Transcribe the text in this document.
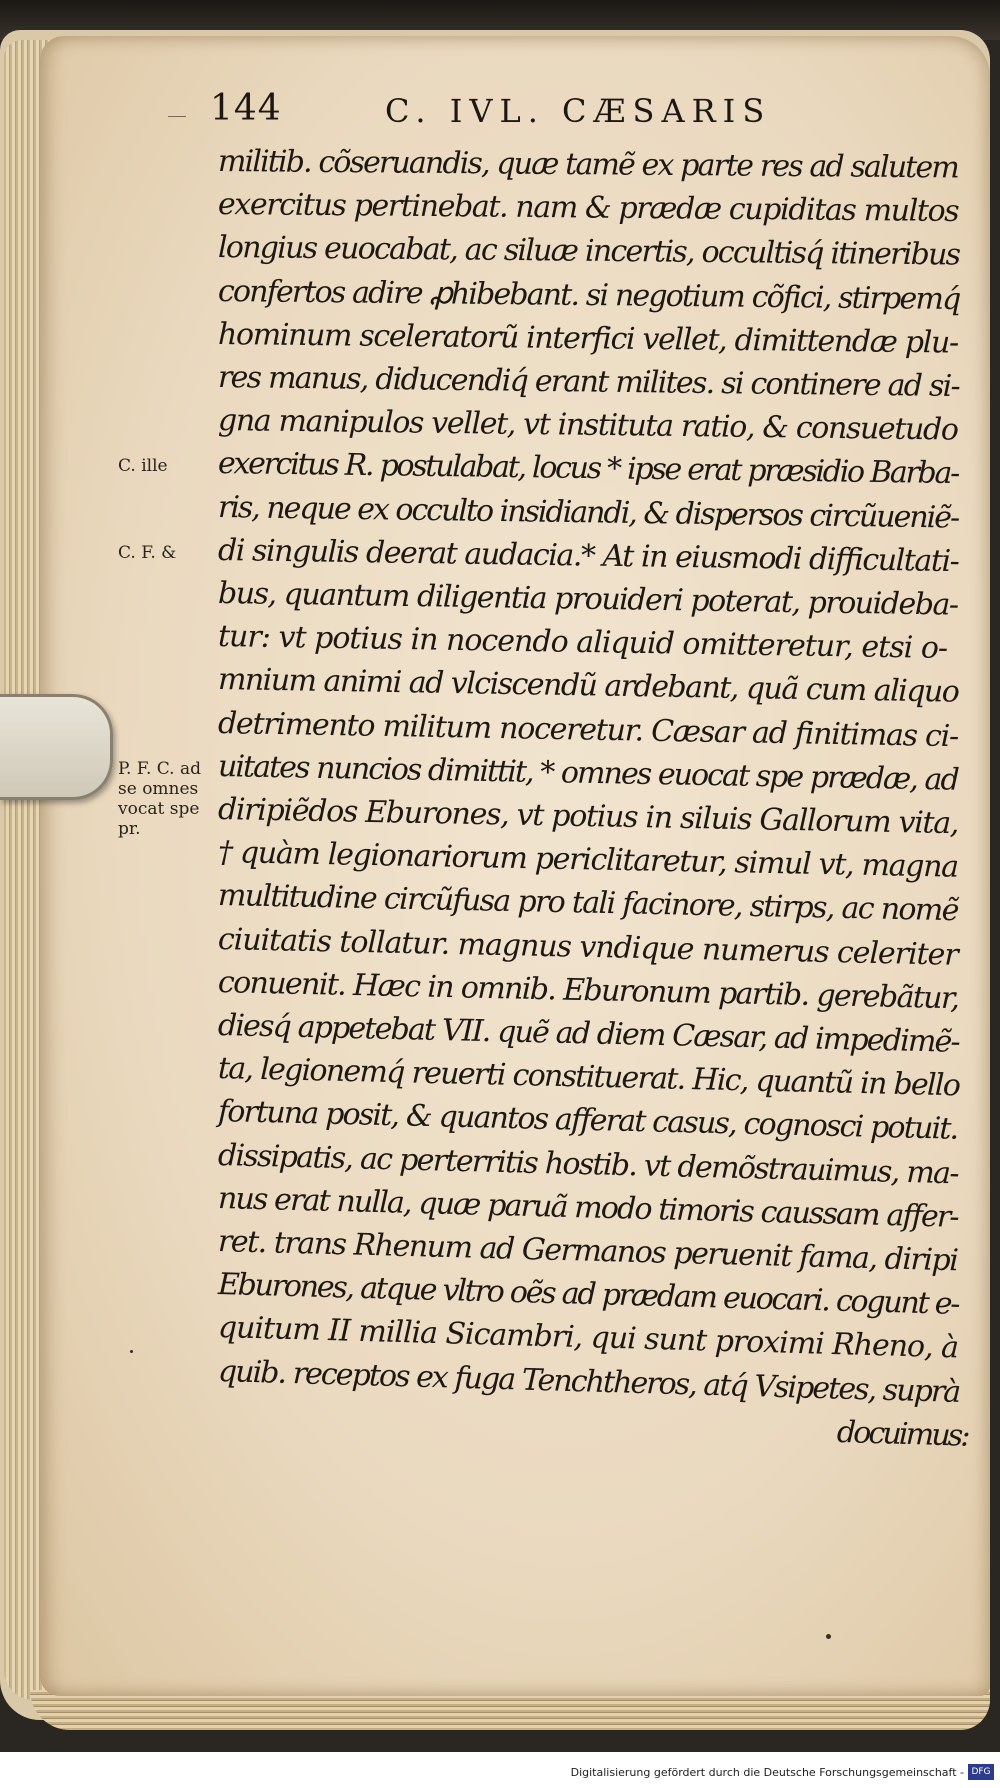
144	C. IVL. CÆSARIS
militib. cõseruandis, quæ tamẽ ex parte res ad salutem
exercitus pertinebat. nam & prædæ cupiditas multos
longius euocabat, ac siluæ incertis, occultisq́ itineribus
confertos adire ꝓhibebant. si negotium cõfici, stirpemq́
hominum sceleratorũ interfici vellet, dimittendæ plu-
res manus, diducendiq́ erant milites. si continere ad si-
gna manipulos vellet, vt instituta ratio, & consuetudo
exercitus R. postulabat, locus * ipse erat præsidio Barba-
ris, neque ex occulto insidiandi, & dispersos circũueniẽ-
di singulis deerat audacia.* At in eiusmodi difficultati-
bus, quantum diligentia prouideri poterat, prouideba-
tur: vt potius in nocendo aliquid omitteretur, etsi o-
mnium animi ad vlciscendũ ardebant, quã cum aliquo
detrimento militum noceretur. Cæsar ad finitimas ci-
uitates nuncios dimittit, * omnes euocat spe prædæ, ad
diripiẽdos Eburones, vt potius in siluis Gallorum vita,
† quàm legionariorum periclitaretur, simul vt, magna
multitudine circũfusa pro tali facinore, stirps, ac nomẽ
ciuitatis tollatur. magnus vndique numerus celeriter
conuenit. Hæc in omnib. Eburonum partib. gerebãtur,
diesq́ appetebat VII. quẽ ad diem Cæsar, ad impedimẽ-
ta, legionemq́ reuerti constituerat. Hic, quantũ in bello
fortuna posit, & quantos afferat casus, cognosci potuit.
dissipatis, ac perterritis hostib. vt demõstrauimus, ma-
nus erat nulla, quæ paruã modo timoris caussam affer-
ret. trans Rhenum ad Germanos peruenit fama, diripi
Eburones, atque vltro oẽs ad prædam euocari. cogunt e-
quitum II millia Sicambri, qui sunt proximi Rheno, à
quib. receptos ex fuga Tenchtheros, atq́ Vsipetes, suprà
docuimus:
C. ille
C. F. &
P. F. C. ad se omnes vocat spe pr.
Digitalisierung gefördert durch die Deutsche Forschungsgemeinschaft - DFG
